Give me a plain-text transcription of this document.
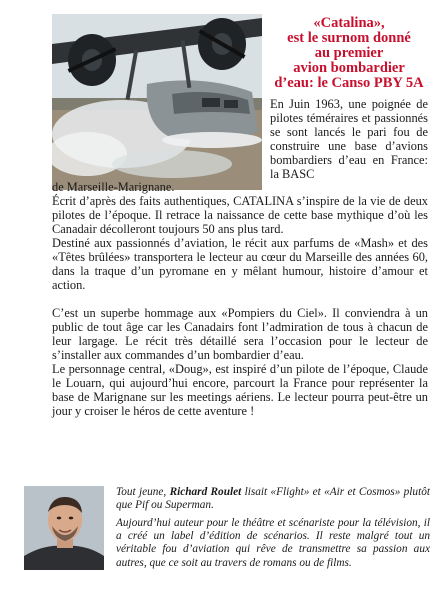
«Catalina»,
est le surnom donné
au premier
avion bombardier
d’eau: le Canso PBY 5A

En Juin 1963, une poignée de pilotes téméraires et passionnés se sont lancés le pari fou de construire une base d’avions bombardiers d’eau en France: la BASC

de Marseille-Marignane.

Écrit d’après des faits authentiques, CATALINA s’inspire de la vie de deux pilotes de l’époque. Il retrace la naissance de cette base mythique d’où les Canadair décolleront toujours 50 ans plus tard.

Destiné aux passionnés d’aviation, le récit aux parfums de «Mash» et des «Têtes brûlées» transportera le lecteur au cœur du Marseille des années 60, dans la traque d’un pyromane en y mêlant humour, histoire d’amour et action.

C’est un superbe hommage aux «Pompiers du Ciel». Il conviendra à un public de tout âge car les Canadairs font l’admiration de tous à chacun de leur largage. Le récit très détaillé sera l’occasion pour le lecteur de s’installer aux commandes d’un bombardier d’eau.

Le personnage central, «Doug», est inspiré d’un pilote de l’époque, Claude le Louarn, qui aujourd’hui encore, parcourt la France pour représenter la base de Marignane sur les meetings aériens. Le lecteur pourra peut-être un jour y croiser le héros de cette aventure !

Tout jeune, Richard Roulet lisait «Flight» et «Air et Cosmos» plutôt que Pif ou Superman.

Aujourd’hui auteur pour le théâtre et scénariste pour la télévision, il a créé un label d’édition de scénarios. Il reste malgré tout un véritable fou d’aviation qui rêve de transmettre sa passion aux autres, que ce soit au travers de romans ou de films.
